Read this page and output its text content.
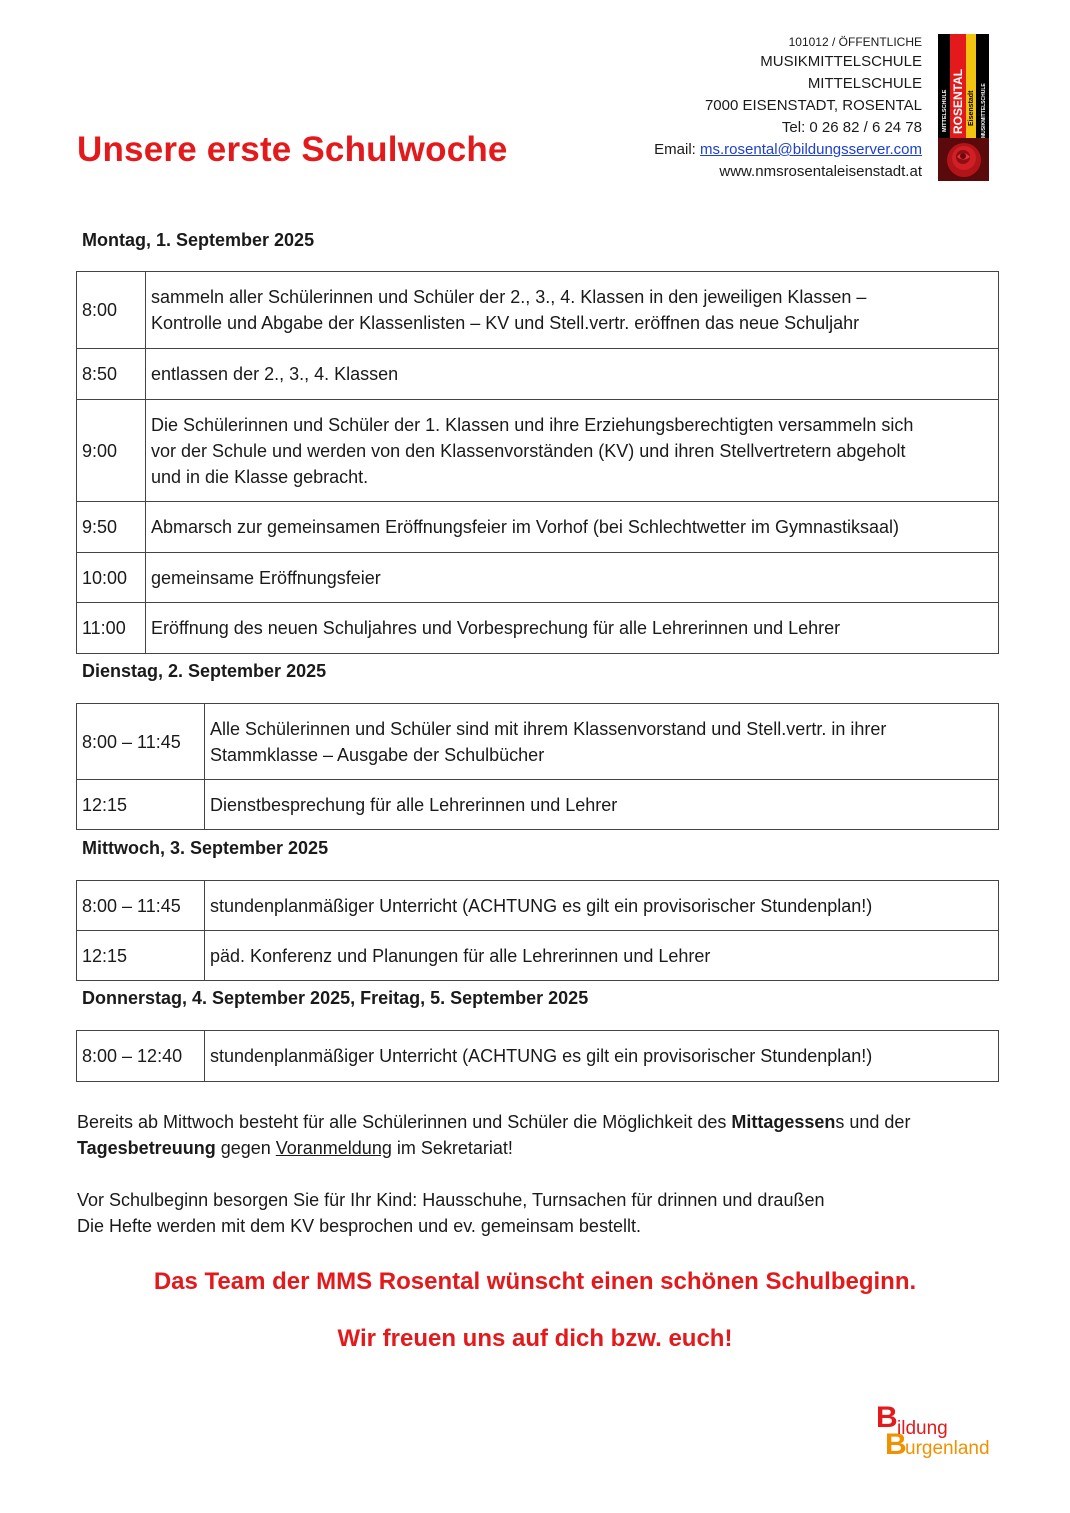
Unsere erste Schulwoche
101012 / ÖFFENTLICHE
MUSIKMITTELSCHULE
MITTELSCHULE
7000 EISENSTADT, ROSENTAL
Tel: 0 26 82 / 6 24 78
Email: ms.rosental@bildungsserver.com
www.nmsrosentaleisenstadt.at
MITTELSCHULE ROSENTAL Eisenstadt MUSIKMITTELSCHULE
Montag, 1. September 2025
8:00	sammeln aller Schülerinnen und Schüler der 2., 3., 4. Klassen in den jeweiligen Klassen –
Kontrolle und Abgabe der Klassenlisten – KV und Stell.vertr. eröffnen das neue Schuljahr

8:50	entlassen der 2., 3., 4. Klassen

9:00	Die Schülerinnen und Schüler der 1. Klassen und ihre Erziehungsberechtigten versammeln sich
vor der Schule und werden von den Klassenvorständen (KV) und ihren Stellvertretern abgeholt
und in die Klasse gebracht.

9:50	Abmarsch zur gemeinsamen Eröffnungsfeier im Vorhof (bei Schlechtwetter im Gymnastiksaal)

10:00	gemeinsame Eröffnungsfeier

11:00	Eröffnung des neuen Schuljahres und Vorbesprechung für alle Lehrerinnen und Lehrer
Dienstag, 2. September 2025
8:00 – 11:45	Alle Schülerinnen und Schüler sind mit ihrem Klassenvorstand und Stell.vertr. in ihrer
Stammklasse – Ausgabe der Schulbücher

12:15	Dienstbesprechung für alle Lehrerinnen und Lehrer
Mittwoch, 3. September 2025
8:00 – 11:45	stundenplanmäßiger Unterricht (ACHTUNG es gilt ein provisorischer Stundenplan!)

12:15	päd. Konferenz und Planungen für alle Lehrerinnen und Lehrer
Donnerstag, 4. September 2025, Freitag, 5. September 2025
8:00 – 12:40	stundenplanmäßiger Unterricht (ACHTUNG es gilt ein provisorischer Stundenplan!)

Bereits ab Mittwoch besteht für alle Schülerinnen und Schüler die Möglichkeit des Mittagessens und der
Tagesbetreuung gegen Voranmeldung im Sekretariat!

Vor Schulbeginn besorgen Sie für Ihr Kind: Hausschuhe, Turnsachen für drinnen und draußen
Die Hefte werden mit dem KV besprochen und ev. gemeinsam bestellt.

Das Team der MMS Rosental wünscht einen schönen Schulbeginn.

Wir freuen uns auf dich bzw. euch!

B
B
ildung
urgenland
